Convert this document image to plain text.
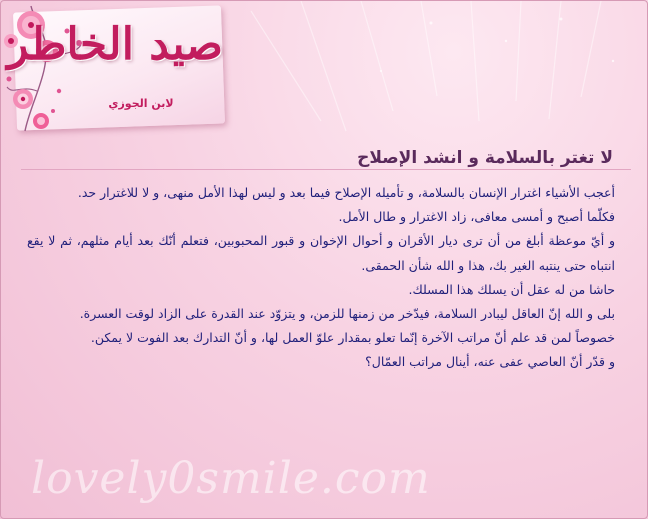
صيد الخاطر
لابن الجوزي
لا تغتر بالسلامة و انشد الإصلاح

أعجب الأشياء اغترار الإنسان بالسلامة، و تأميله الإصلاح فيما بعد و ليس لهذا الأمل منهى، و لا للاغترار حد.

فكلّما أصبح و أمسى معافى، زاد الاغترار و طال الأمل.

و أيّ موعظة أبلغ من أن ترى ديار الأقران و أحوال الإخوان و قبور المحبوبين، فتعلم أنّك بعد أيام مثلهم، ثم لا يقع انتباه حتى ينتبه الغير بك، هذا و الله شأن الحمقى.

حاشا من له عقل أن يسلك هذا المسلك.

بلى و الله إنّ العاقل ليبادر السلامة، فيدّخر من زمنها للزمن، و يتزوّد عند القدرة على الزاد لوقت العسرة.

خصوصاً لمن قد علم أنّ مراتب الآخرة إنّما تعلو بمقدار علوّ العمل لها، و أنّ التدارك بعد الفوت لا يمكن.

و قدّر أنّ العاصي عفى عنه، أينال مراتب العمّال؟

lovely0smile.com
